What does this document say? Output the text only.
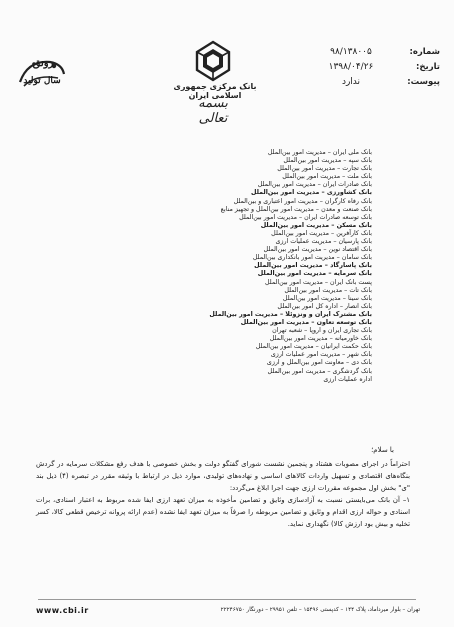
رونق
سال تولید
بانک مرکزی جمهوری اسلامی ایران
بسمه تعالی
شماره:
۹۸/۱۳۸۰۰۵
تاریخ:
۱۳۹۸/۰۴/۲۶
پیوست:
ندارد
بانک ملی ایران – مدیریت امور بین‌الملل
بانک سپه – مدیریت امور بین‌الملل
بانک تجارت – مدیریت امور بین‌الملل
بانک ملت – مدیریت امور بین‌الملل
بانک صادرات ایران – مدیریت امور بین‌الملل
بانک کشاورزی – مدیریت امور بین‌الملل
بانک رفاه کارگران – مدیریت امور اعتباری و بین‌الملل
بانک صنعت و معدن – مدیریت امور بین‌الملل و تجهیز منابع
بانک توسعه صادرات ایران – مدیریت امور بین‌الملل
بانک مسکن – مدیریت امور بین‌الملل
بانک کارآفرین – مدیریت امور بین‌الملل
بانک پارسیان – مدیریت عملیات ارزی
بانک اقتصاد نوین – مدیریت امور بین‌الملل
بانک سامان – مدیریت امور بانکداری بین‌الملل
بانک پاسارگاد – مدیریت امور بین‌الملل
بانک سرمایه – مدیریت امور بین‌الملل
پست بانک ایران – مدیریت امور بین‌الملل
بانک تات – مدیریت امور بین‌الملل
بانک سینا – مدیریت امور بین‌الملل
بانک انصار – اداره کل امور بین‌الملل
بانک مشترک ایران و ونزوئلا – مدیریت امور بین‌الملل
بانک توسعه تعاون – مدیریت امور بین‌الملل
بانک تجاری ایران و اروپا – شعبه تهران
بانک خاورمیانه – مدیریت امور بین‌الملل
بانک حکمت ایرانیان – مدیریت امور بین‌الملل
بانک شهر – مدیریت امور عملیات ارزی
بانک دی – معاونت امور بین‌الملل و ارزی
بانک گردشگری – مدیریت امور بین‌الملل
اداره عملیات ارزی
با سلام؛

احتراماً در اجرای مصوبات هشتاد و پنجمین نشست شورای گفتگو دولت و بخش خصوصی با هدف رفع مشکلات سرمایه در گردش بنگاه‌های اقتصادی و تسهیل واردات کالاهای اساسی و نهاده‌های تولیدی، موارد ذیل در ارتباط با وثیقه مقرر در تبصره (۴) ذیل بند "ی" بخش اول مجموعه مقررات ارزی جهت اجرا ابلاغ می‌گردد:

۱– آن بانک می‌بایستی نسبت به آزادسازی وثایق و تضامین مأخوذه به میزان تعهد ارزی ایفا شده مربوط به اعتبار اسنادی، برات اسنادی و حواله ارزی اقدام و وثایق و تضامین مربوطه را صرفاً به میزان تعهد ایفا نشده (عدم ارائه پروانه ترخیص قطعی کالا، کسر تخلیه و بیش بود ارزش کالا) نگهداری نماید.

www.cbi.ir	تهران – بلوار میرداماد، پلاک ۱۴۴ – کدپستی ۱۵۴۹۶ – تلفن ۲۹۹۵۱ – دورنگار ۲۲۲۴۶۷۵۰
